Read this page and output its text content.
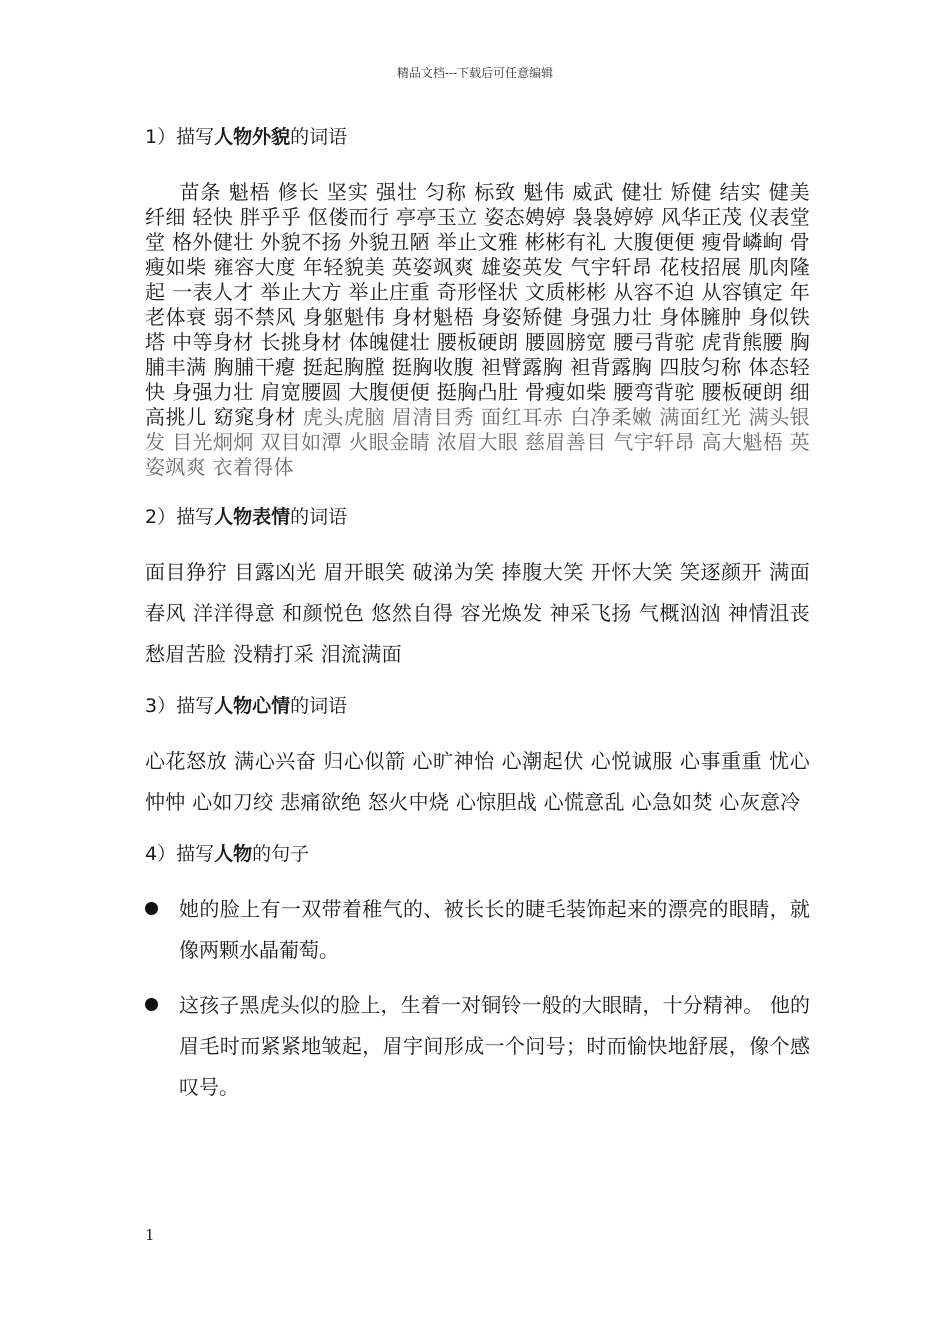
精品文档---下载后可任意编辑

1）描写人物外貌的词语

苗条 魁梧 修长 坚实 强壮 匀称 标致 魁伟 威武 健壮 矫健 结实 健美 纤细 轻快 胖乎乎 伛偻而行 亭亭玉立 姿态娉婷 袅袅婷婷 风华正茂 仪表堂堂 格外健壮 外貌不扬 外貌丑陋 举止文雅 彬彬有礼 大腹便便 瘦骨嶙峋 骨瘦如柴 雍容大度 年轻貌美 英姿飒爽 雄姿英发 气宇轩昂 花枝招展 肌肉隆起 一表人才 举止大方 举止庄重 奇形怪状 文质彬彬 从容不迫 从容镇定 年老体衰 弱不禁风 身躯魁伟 身材魁梧 身姿矫健 身强力壮 身体臃肿 身似铁塔 中等身材 长挑身材 体魄健壮 腰板硬朗 腰圆膀宽 腰弓背驼 虎背熊腰 胸脯丰满 胸脯干瘪 挺起胸膛 挺胸收腹 袒臂露胸 袒背露胸 四肢匀称 体态轻快 身强力壮 肩宽腰圆 大腹便便 挺胸凸肚 骨瘦如柴 腰弯背驼 腰板硬朗 细高挑儿 窈窕身材 虎头虎脑 眉清目秀 面红耳赤 白净柔嫩 满面红光 满头银发 目光炯炯 双目如潭 火眼金睛 浓眉大眼 慈眉善目 气宇轩昂 高大魁梧 英姿飒爽 衣着得体

2）描写人物表情的词语

面目狰狞 目露凶光 眉开眼笑 破涕为笑 捧腹大笑 开怀大笑 笑逐颜开 满面春风 洋洋得意 和颜悦色 悠然自得 容光焕发 神采飞扬 气概汹汹 神情沮丧 愁眉苦脸 没精打采 泪流满面

3）描写人物心情的词语

心花怒放 满心兴奋 归心似箭 心旷神怡 心潮起伏 心悦诚服 心事重重 忧心忡忡 心如刀绞 悲痛欲绝 怒火中烧 心惊胆战 心慌意乱 心急如焚 心灰意冷

4）描写人物的句子

她的脸上有一双带着稚气的、被长长的睫毛装饰起来的漂亮的眼睛，就像两颗水晶葡萄。

这孩子黑虎头似的脸上，生着一对铜铃一般的大眼睛，十分精神。 他的眉毛时而紧紧地皱起，眉宇间形成一个问号；时而愉快地舒展，像个感叹号。

1
